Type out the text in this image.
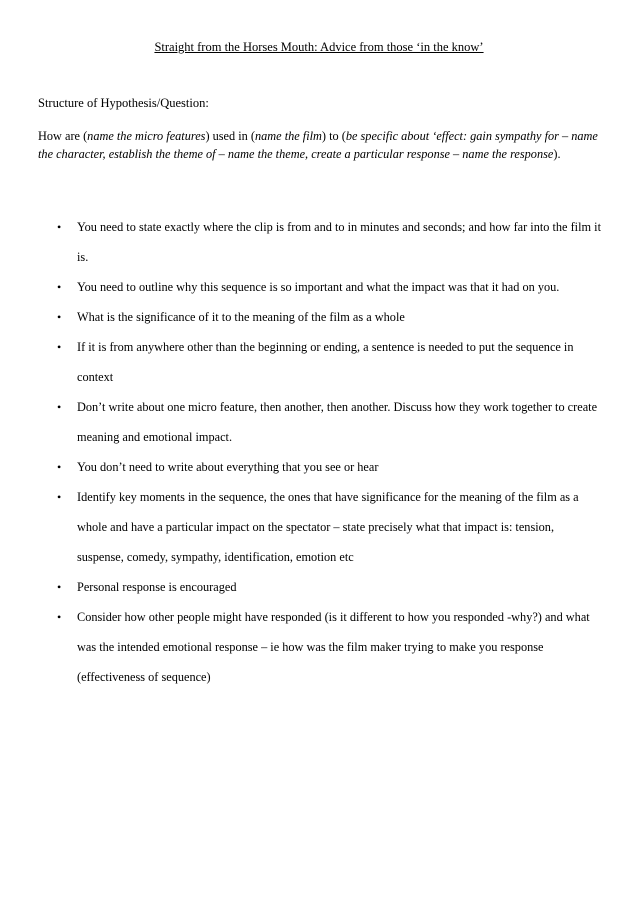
Straight from the Horses Mouth: Advice from those ‘in the know’
Structure of Hypothesis/Question:

How are (name the micro features) used in (name the film) to (be specific about ‘effect: gain sympathy for – name the character, establish the theme of – name the theme, create a particular response – name the response).

• You need to state exactly where the clip is from and to in minutes and seconds; and how far into the film it is.
• You need to outline why this sequence is so important and what the impact was that it had on you.
• What is the significance of it to the meaning of the film as a whole
• If it is from anywhere other than the beginning or ending, a sentence is needed to put the sequence in context
• Don’t write about one micro feature, then another, then another. Discuss how they work together to create meaning and emotional impact.
• You don’t need to write about everything that you see or hear
• Identify key moments in the sequence, the ones that have significance for the meaning of the film as a whole and have a particular impact on the spectator – state precisely what that impact is: tension, suspense, comedy, sympathy, identification, emotion etc
• Personal response is encouraged
• Consider how other people might have responded (is it different to how you responded -why?) and what was the intended emotional response – ie how was the film maker trying to make you response (effectiveness of sequence)
